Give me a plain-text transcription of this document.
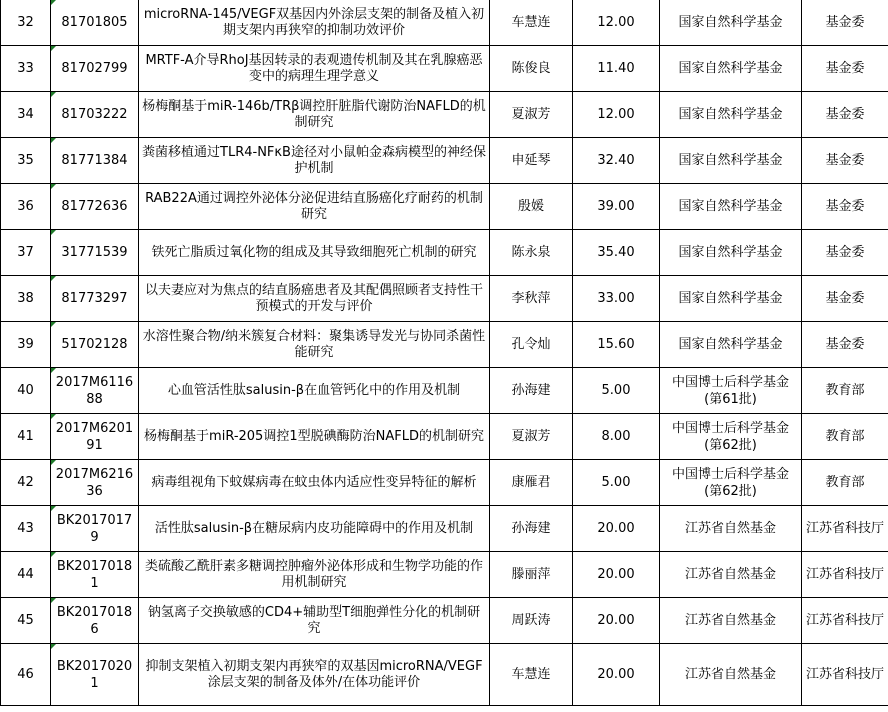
32	81701805	microRNA-145/VEGF双基因内外涂层支架的制备及植入初期支架内再狭窄的抑制功效评价	车慧连	12.00	国家自然科学基金	基金委
33	81702799	MRTF-A介导RhoJ基因转录的表观遗传机制及其在乳腺癌恶变中的病理生理学意义	陈俊良	11.40	国家自然科学基金	基金委
34	81703222	杨梅酮基于miR-146b/TRβ调控肝脏脂代谢防治NAFLD的机制研究	夏淑芳	12.00	国家自然科学基金	基金委
35	81771384	粪菌移植通过TLR4-NFκB途径对小鼠帕金森病模型的神经保护机制	申延琴	32.40	国家自然科学基金	基金委
36	81772636	RAB22A通过调控外泌体分泌促进结直肠癌化疗耐药的机制研究	殷媛	39.00	国家自然科学基金	基金委
37	31771539	铁死亡脂质过氧化物的组成及其导致细胞死亡机制的研究	陈永泉	35.40	国家自然科学基金	基金委
38	81773297	以夫妻应对为焦点的结直肠癌患者及其配偶照顾者支持性干预模式的开发与评价	李秋萍	33.00	国家自然科学基金	基金委
39	51702128	水溶性聚合物/纳米簇复合材料：聚集诱导发光与协同杀菌性能研究	孔令灿	15.60	国家自然科学基金	基金委
40	2017M611688	心血管活性肽salusin-β在血管钙化中的作用及机制	孙海建	5.00	中国博士后科学基金(第61批)	教育部
41	2017M620191	杨梅酮基于miR-205调控1型脱碘酶防治NAFLD的机制研究	夏淑芳	8.00	中国博士后科学基金(第62批)	教育部
42	2017M621636	病毒组视角下蚊媒病毒在蚊虫体内适应性变异特征的解析	康雁君	5.00	中国博士后科学基金(第62批)	教育部
43	BK20170179	活性肽salusin-β在糖尿病内皮功能障碍中的作用及机制	孙海建	20.00	江苏省自然基金	江苏省科技厅
44	BK20170181	类硫酸乙酰肝素多糖调控肿瘤外泌体形成和生物学功能的作用机制研究	滕丽萍	20.00	江苏省自然基金	江苏省科技厅
45	BK20170186	钠氢离子交换敏感的CD4+辅助型T细胞弹性分化的机制研究	周跃涛	20.00	江苏省自然基金	江苏省科技厅
46	BK20170201	抑制支架植入初期支架内再狭窄的双基因microRNA/VEGF涂层支架的制备及体外/在体功能评价	车慧连	20.00	江苏省自然基金	江苏省科技厅
